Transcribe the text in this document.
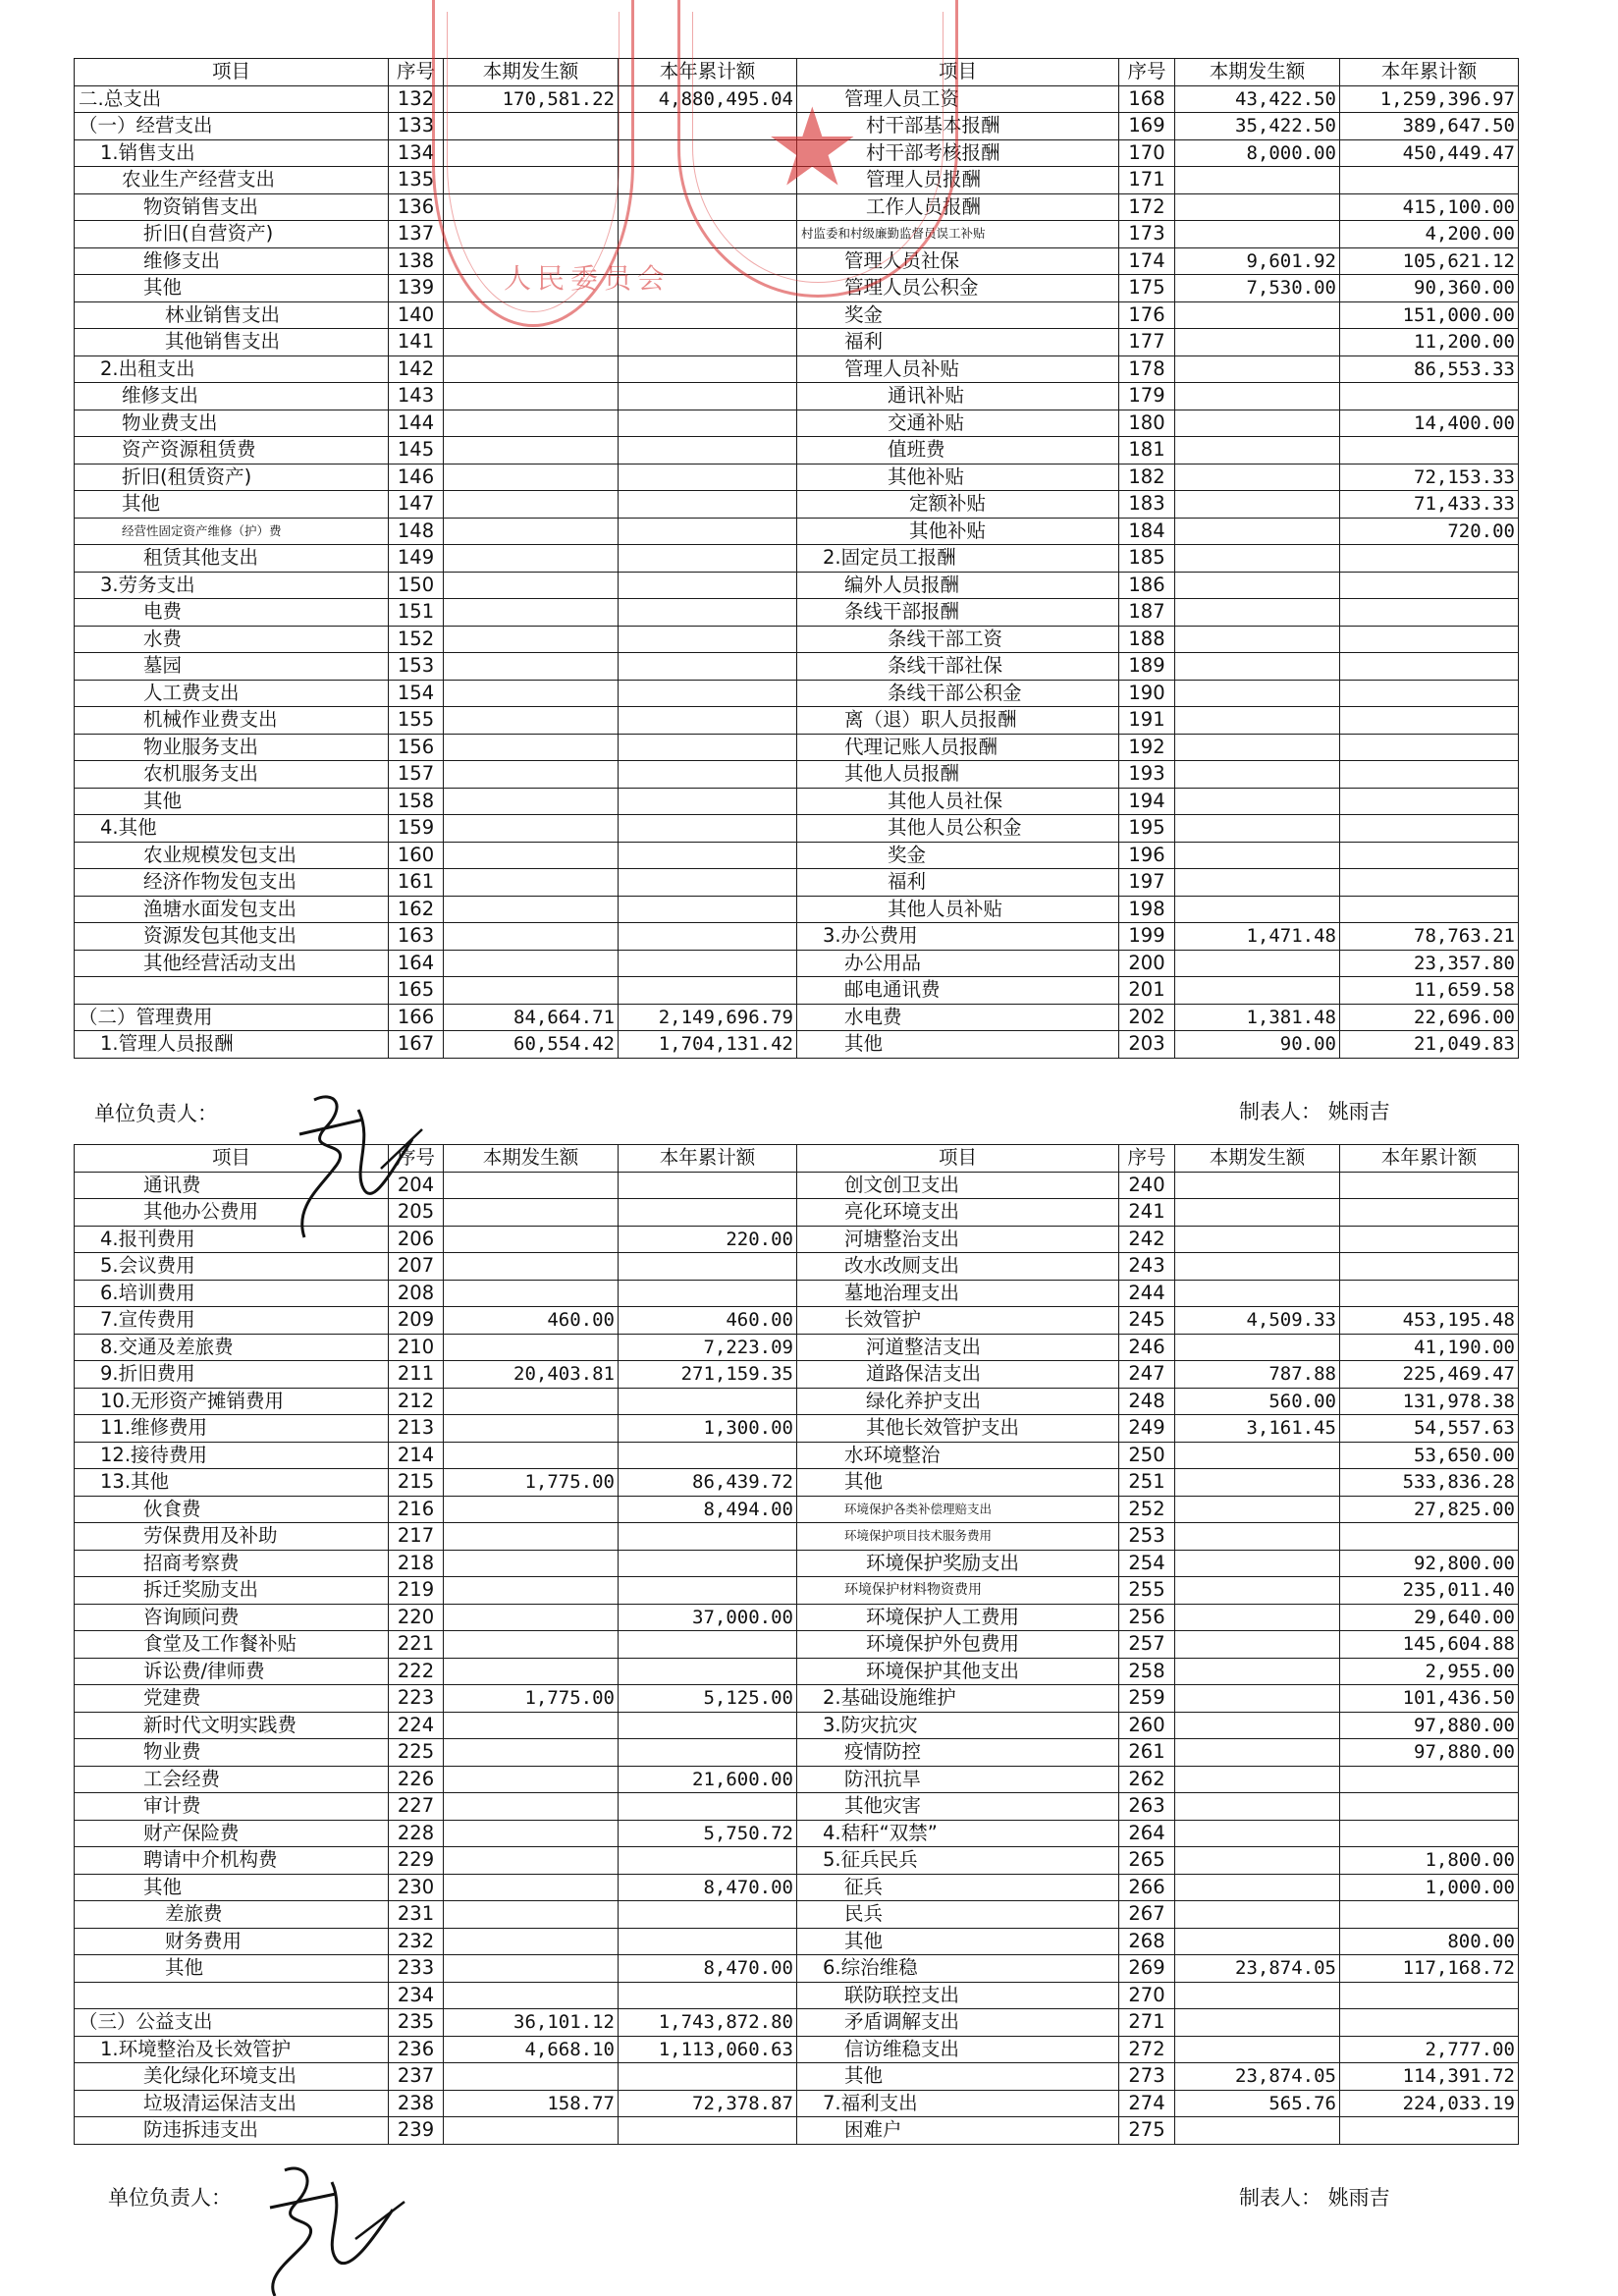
项目	序号	本期发生额	本年累计额	项目	序号	本期发生额	本年累计额
二.总支出	132	170,581.22	4,880,495.04	管理人员工资	168	43,422.50	1,259,396.97
（一）经营支出	133			村干部基本报酬	169	35,422.50	389,647.50
1.销售支出	134			村干部考核报酬	170	8,000.00	450,449.47
农业生产经营支出	135			管理人员报酬	171		
物资销售支出	136			工作人员报酬	172		415,100.00
折旧(自营资产)	137			村监委和村级廉勤监督员误工补贴	173		4,200.00
维修支出	138			管理人员社保	174	9,601.92	105,621.12
其他	139			管理人员公积金	175	7,530.00	90,360.00
林业销售支出	140			奖金	176		151,000.00
其他销售支出	141			福利	177		11,200.00
2.出租支出	142			管理人员补贴	178		86,553.33
维修支出	143			通讯补贴	179		
物业费支出	144			交通补贴	180		14,400.00
资产资源租赁费	145			值班费	181		
折旧(租赁资产)	146			其他补贴	182		72,153.33
其他	147			定额补贴	183		71,433.33
经营性固定资产维修（护）费	148			其他补贴	184		720.00
租赁其他支出	149			2.固定员工报酬	185		
3.劳务支出	150			编外人员报酬	186		
电费	151			条线干部报酬	187		
水费	152			条线干部工资	188		
墓园	153			条线干部社保	189		
人工费支出	154			条线干部公积金	190		
机械作业费支出	155			离（退）职人员报酬	191		
物业服务支出	156			代理记账人员报酬	192		
农机服务支出	157			其他人员报酬	193		
其他	158			其他人员社保	194		
4.其他	159			其他人员公积金	195		
农业规模发包支出	160			奖金	196		
经济作物发包支出	161			福利	197		
渔塘水面发包支出	162			其他人员补贴	198		
资源发包其他支出	163			3.办公费用	199	1,471.48	78,763.21
其他经营活动支出	164			办公用品	200		23,357.80
	165			邮电通讯费	201		11,659.58
（二）管理费用	166	84,664.71	2,149,696.79	水电费	202	1,381.48	22,696.00
1.管理人员报酬	167	60,554.42	1,704,131.42	其他	203	90.00	21,049.83
单位负责人：	制表人： 姚雨吉
项目	序号	本期发生额	本年累计额	项目	序号	本期发生额	本年累计额
通讯费	204			创文创卫支出	240		
其他办公费用	205			亮化环境支出	241		
4.报刊费用	206		220.00	河塘整治支出	242		
5.会议费用	207			改水改厕支出	243		
6.培训费用	208			墓地治理支出	244		
7.宣传费用	209	460.00	460.00	长效管护	245	4,509.33	453,195.48
8.交通及差旅费	210		7,223.09	河道整洁支出	246		41,190.00
9.折旧费用	211	20,403.81	271,159.35	道路保洁支出	247	787.88	225,469.47
10.无形资产摊销费用	212			绿化养护支出	248	560.00	131,978.38
11.维修费用	213		1,300.00	其他长效管护支出	249	3,161.45	54,557.63
12.接待费用	214			水环境整治	250		53,650.00
13.其他	215	1,775.00	86,439.72	其他	251		533,836.28
伙食费	216		8,494.00	环境保护各类补偿理赔支出	252		27,825.00
劳保费用及补助	217			环境保护项目技术服务费用	253		
招商考察费	218			环境保护奖励支出	254		92,800.00
拆迁奖励支出	219			环境保护材料物资费用	255		235,011.40
咨询顾问费	220		37,000.00	环境保护人工费用	256		29,640.00
食堂及工作餐补贴	221			环境保护外包费用	257		145,604.88
诉讼费/律师费	222			环境保护其他支出	258		2,955.00
党建费	223	1,775.00	5,125.00	2.基础设施维护	259		101,436.50
新时代文明实践费	224			3.防灾抗灾	260		97,880.00
物业费	225			疫情防控	261		97,880.00
工会经费	226		21,600.00	防汛抗旱	262		
审计费	227			其他灾害	263		
财产保险费	228		5,750.72	4.秸秆“双禁”	264		
聘请中介机构费	229			5.征兵民兵	265		1,800.00
其他	230		8,470.00	征兵	266		1,000.00
差旅费	231			民兵	267		
财务费用	232			其他	268		800.00
其他	233		8,470.00	6.综治维稳	269	23,874.05	117,168.72
	234			联防联控支出	270		
（三）公益支出	235	36,101.12	1,743,872.80	矛盾调解支出	271		
1.环境整治及长效管护	236	4,668.10	1,113,060.63	信访维稳支出	272		2,777.00
美化绿化环境支出	237			其他	273	23,874.05	114,391.72
垃圾清运保洁支出	238	158.77	72,378.87	7.福利支出	274	565.76	224,033.19
防违拆违支出	239			困难户	275		
单位负责人：	制表人： 姚雨吉
人民委员会
★
